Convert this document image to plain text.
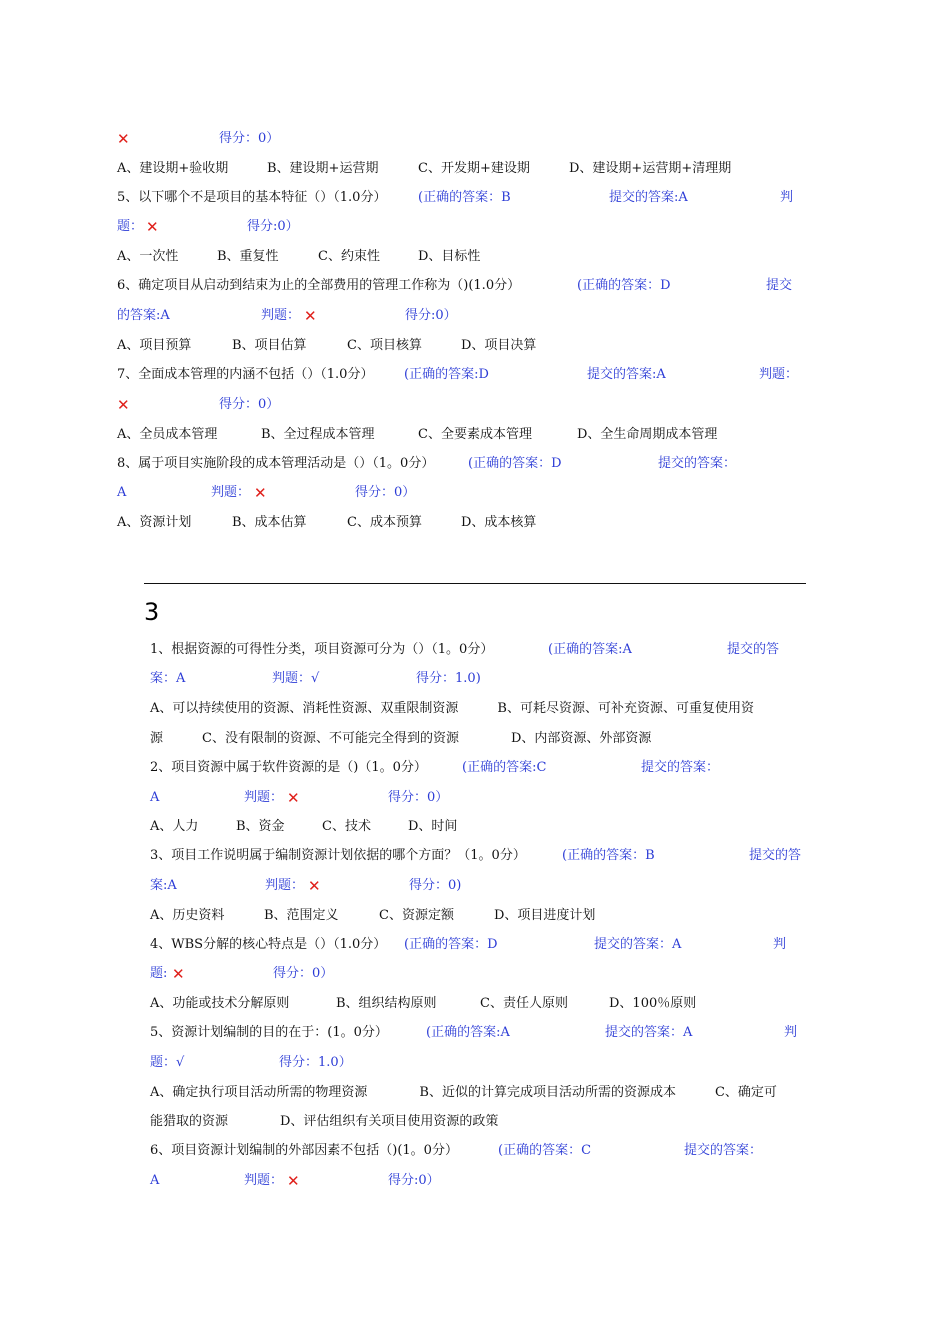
✕	得分：0）
A、建设期+验收期	B、建设期+运营期	C、开发期+建设期	D、建设期+运营期+清理期
5、以下哪个不是项目的基本特征（）（1.0分） (正确的答案：B	提交的答案:A	判
题： ✕	得分:0）
A、一次性	B、重复性	C、约束性	D、目标性
6、确定项目从启动到结束为止的全部费用的管理工作称为（)(1.0分）	(正确的答案：D	提交
的答案:A	判题： ✕	得分:0）
A、项目预算	B、项目估算	C、项目核算	D、项目决算
7、全面成本管理的内涵不包括（）（1.0分） (正确的答案:D	提交的答案:A	判题：
✕	得分：0）
A、全员成本管理	B、全过程成本管理	C、全要素成本管理	D、全生命周期成本管理
8、属于项目实施阶段的成本管理活动是（）（1。0分）	(正确的答案：D	提交的答案：
A	判题： ✕	得分：0）
A、资源计划	B、成本估算	C、成本预算	D、成本核算
3
1、根据资源的可得性分类，项目资源可分为（）（1。0分）	(正确的答案:A	提交的答
案：A	判题：√	得分：1.0)
A、可以持续使用的资源、消耗性资源、双重限制资源　　　B、可耗尽资源、可补充资源、可重复使用资
源　　　C、没有限制的资源、不可能完全得到的资源　　　　D、内部资源、外部资源
2、项目资源中属于软件资源的是（)（1。0分）	(正确的答案:C	提交的答案：
A	判题： ✕	得分：0）
A、人力	B、资金	C、技术	D、时间
3、项目工作说明属于编制资源计划依据的哪个方面？（1。0分）	(正确的答案：B	提交的答
案:A	判题： ✕	得分：0)
A、历史资料	B、范围定义	C、资源定额	D、项目进度计划
4、WBS分解的核心特点是（）（1.0分） (正确的答案：D	提交的答案：A	判
题: ✕	得分：0）
A、功能或技术分解原则	B、组织结构原则	C、责任人原则	D、100％原则
5、资源计划编制的目的在于：(1。0分）	(正确的答案:A	提交的答案：A	判
题：√	得分：1.0）
A、确定执行项目活动所需的物理资源　　　　B、近似的计算完成项目活动所需的资源成本　　　C、确定可
能猎取的资源　　　　D、评估组织有关项目使用资源的政策
6、项目资源计划编制的外部因素不包括（)(1。0分）	(正确的答案：C	提交的答案：
A	判题： ✕	得分:0）
